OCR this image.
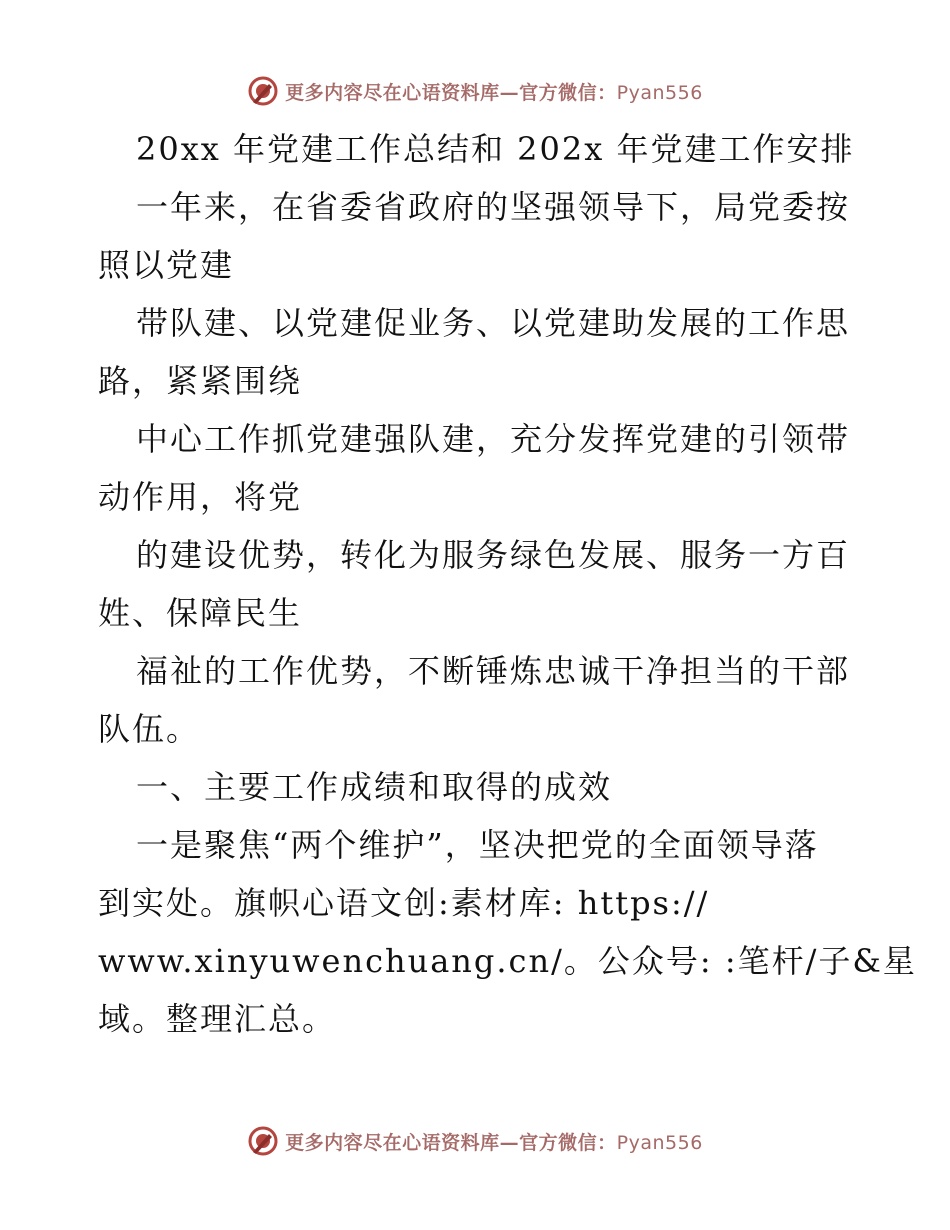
更多内容尽在心语资料库—官方微信：Pyan556
20xx 年党建工作总结和 202x 年党建工作安排
一年来，在省委省政府的坚强领导下，局党委按
照以党建
带队建、以党建促业务、以党建助发展的工作思
路，紧紧围绕
中心工作抓党建强队建，充分发挥党建的引领带
动作用，将党
的建设优势，转化为服务绿色发展、服务一方百
姓、保障民生
福祉的工作优势，不断锤炼忠诚干净担当的干部
队伍。
一、主要工作成绩和取得的成效
一是聚焦“两个维护”，坚决把党的全面领导落
到实处。旗帜心语文创:素材库: https://
www.xinyuwenchuang.cn/。公众号: :笔杆/子&星
域。整理汇总。
更多内容尽在心语资料库—官方微信：Pyan556
